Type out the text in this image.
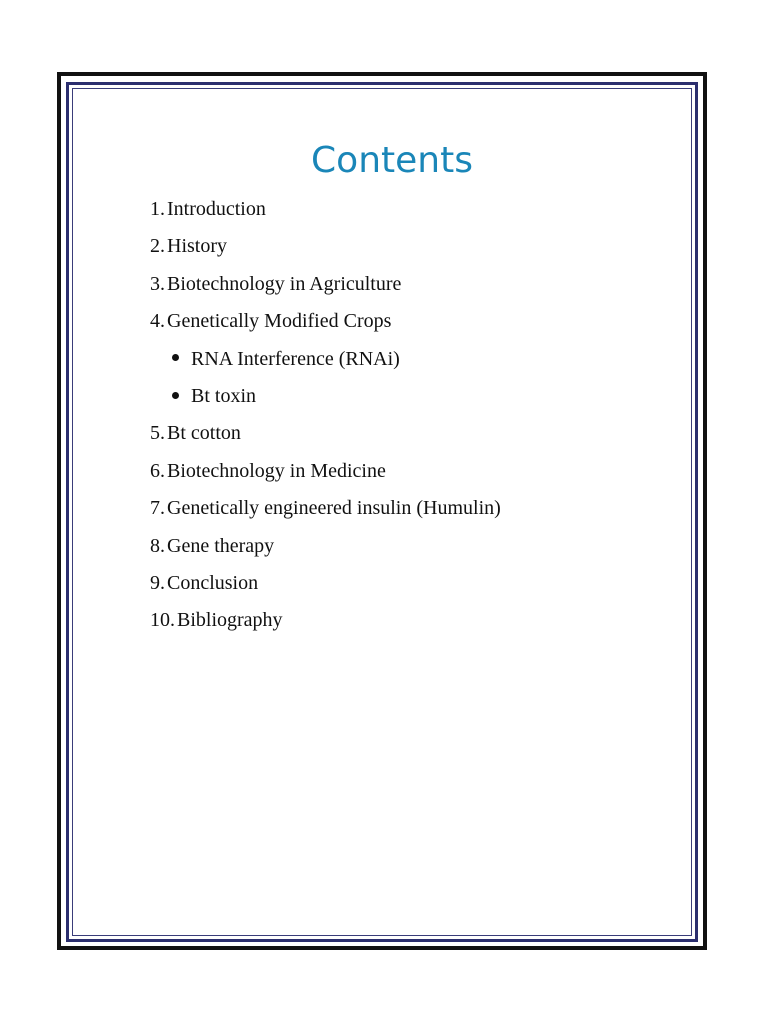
Contents
1. Introduction
2. History
3. Biotechnology in Agriculture
4. Genetically Modified Crops
RNA Interference (RNAi)
Bt toxin
5. Bt cotton
6. Biotechnology in Medicine
7. Genetically engineered insulin (Humulin)
8. Gene therapy
9. Conclusion
10. Bibliography
